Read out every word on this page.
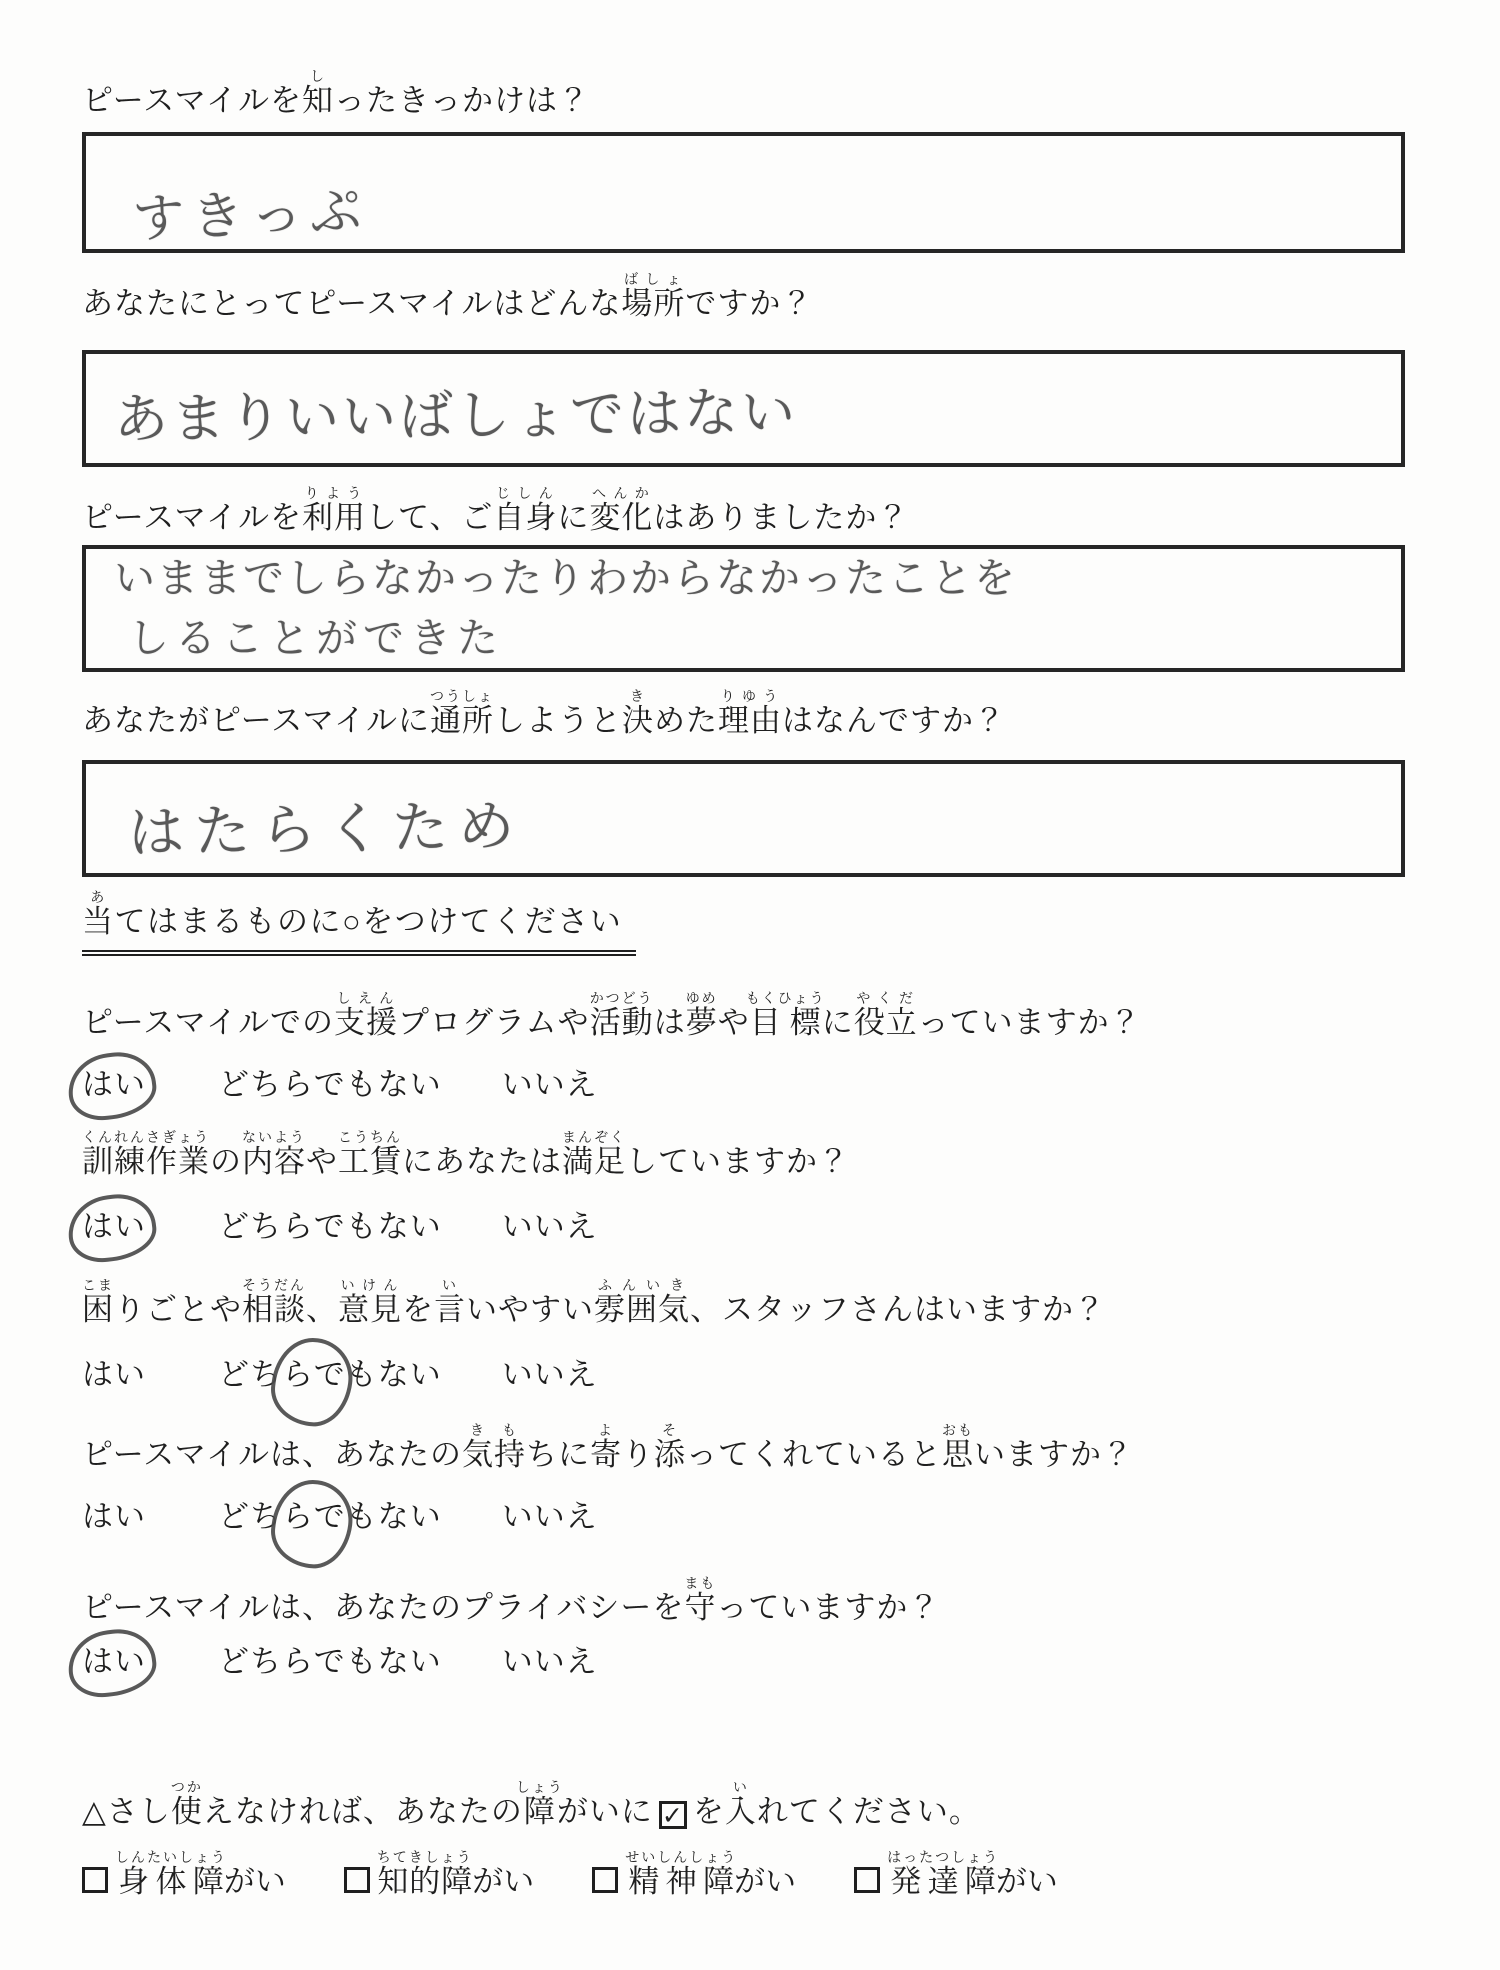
ピースマイルを知しったきっかけは？
すきっぷ
あなたにとってピースマイルはどんな場所ばしょですか？
あまりいいばしょではない
ピースマイルを利用りようして、ご自身じしんに変化へんかはありましたか？
いままでしらなかったりわからなかったことを
しることができた
あなたがピースマイルに通所つうしょしようと決きめた理由りゆうはなんですか？
はたらくため
当あてはまるものに○をつけてください
ピースマイルでの支援しえんプログラムや活動かつどうは夢ゆめや目標もくひょうに役立やくだっていますか？
はい どちらでもない いいえ
訓練作業くんれんさぎょうの内容ないようや工賃こうちんにあなたは満足まんぞくしていますか？
はい どちらでもない いいえ
困こまりごとや相談そうだん、意見いけんを言いいやすい雰囲気ふんいき、スタッフさんはいますか？
はい どちらでもない いいえ
ピースマイルは、あなたの気持きもちに寄より添そってくれていると思おもいますか？
はい どちらでもない いいえ
ピースマイルは、あなたのプライバシーを守まもっていますか？
はい どちらでもない いいえ
△さし使つかえなければ、あなたの障しょうがいに ✓ を入いれてください。
身体障しんたいしょうがい	知的障ちてきしょうがい	精神障せいしんしょうがい	発達障はったつしょうがい
